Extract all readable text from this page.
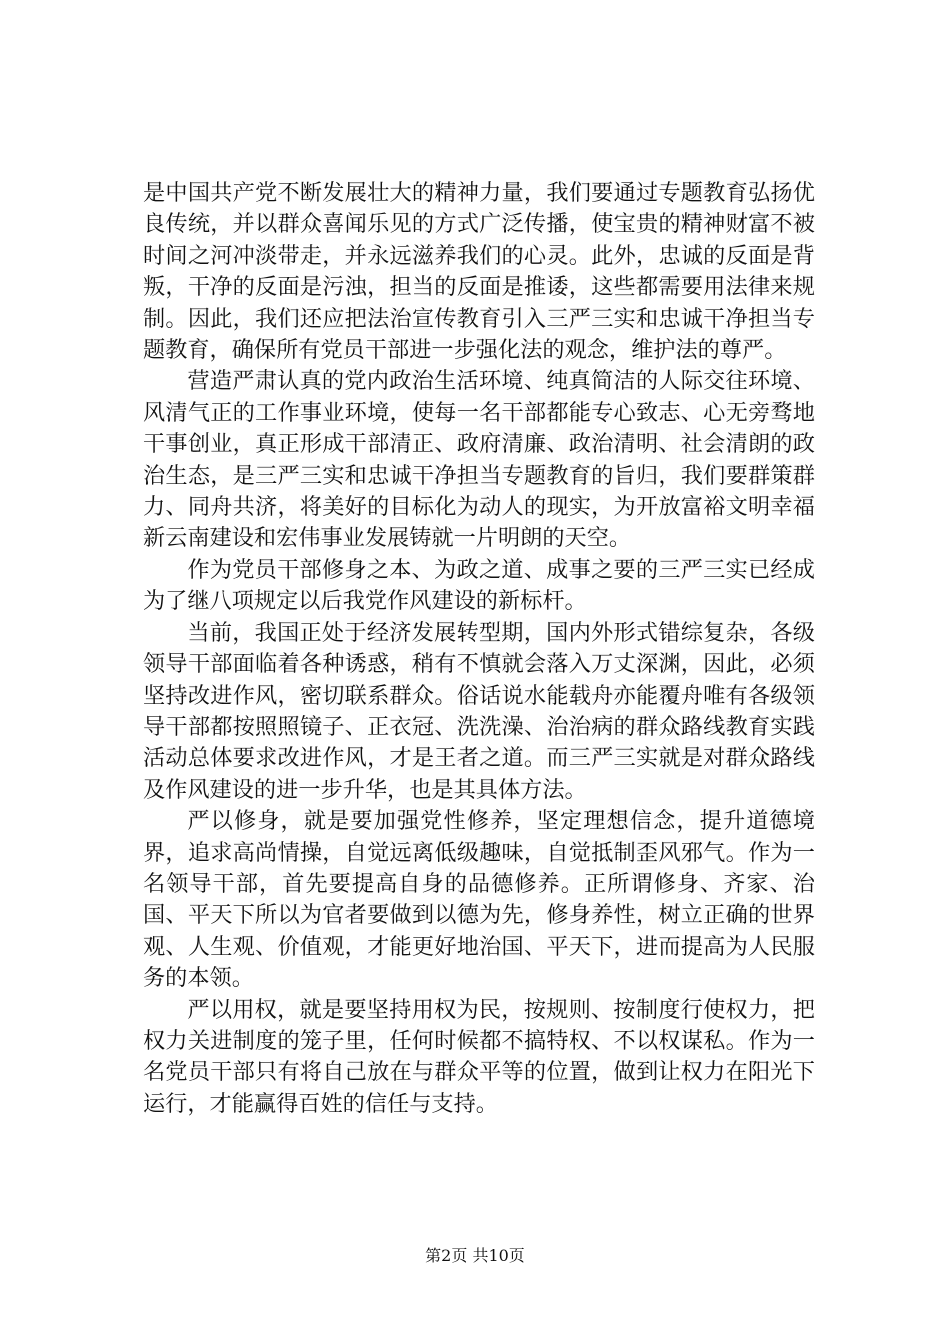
是中国共产党不断发展壮大的精神力量，我们要通过专题教育弘扬优良传统，并以群众喜闻乐见的方式广泛传播，使宝贵的精神财富不被时间之河冲淡带走，并永远滋养我们的心灵。此外，忠诚的反面是背叛，干净的反面是污浊，担当的反面是推诿，这些都需要用法律来规制。因此，我们还应把法治宣传教育引入三严三实和忠诚干净担当专题教育，确保所有党员干部进一步强化法的观念，维护法的尊严。

营造严肃认真的党内政治生活环境、纯真简洁的人际交往环境、风清气正的工作事业环境，使每一名干部都能专心致志、心无旁骛地干事创业，真正形成干部清正、政府清廉、政治清明、社会清朗的政治生态，是三严三实和忠诚干净担当专题教育的旨归，我们要群策群力、同舟共济，将美好的目标化为动人的现实，为开放富裕文明幸福新云南建设和宏伟事业发展铸就一片明朗的天空。

作为党员干部修身之本、为政之道、成事之要的三严三实已经成为了继八项规定以后我党作风建设的新标杆。

当前，我国正处于经济发展转型期，国内外形式错综复杂，各级领导干部面临着各种诱惑，稍有不慎就会落入万丈深渊，因此，必须坚持改进作风，密切联系群众。俗话说水能载舟亦能覆舟唯有各级领导干部都按照照镜子、正衣冠、洗洗澡、治治病的群众路线教育实践活动总体要求改进作风，才是王者之道。而三严三实就是对群众路线及作风建设的进一步升华，也是其具体方法。

严以修身，就是要加强党性修养，坚定理想信念，提升道德境界，追求高尚情操，自觉远离低级趣味，自觉抵制歪风邪气。作为一名领导干部，首先要提高自身的品德修养。正所谓修身、齐家、治国、平天下所以为官者要做到以德为先，修身养性，树立正确的世界观、人生观、价值观，才能更好地治国、平天下，进而提高为人民服务的本领。

严以用权，就是要坚持用权为民，按规则、按制度行使权力，把权力关进制度的笼子里，任何时候都不搞特权、不以权谋私。作为一名党员干部只有将自己放在与群众平等的位置，做到让权力在阳光下运行，才能赢得百姓的信任与支持。

第2页 共10页
